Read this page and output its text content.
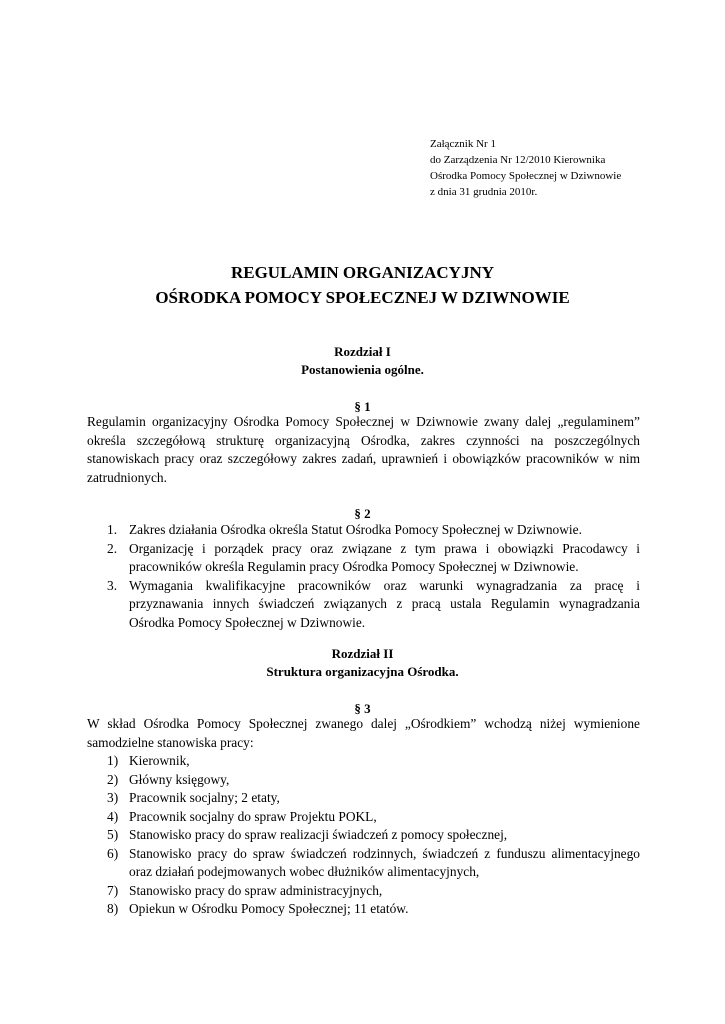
Załącznik Nr 1
do Zarządzenia Nr 12/2010 Kierownika
Ośrodka Pomocy Społecznej w Dziwnowie
z dnia 31 grudnia 2010r.
REGULAMIN ORGANIZACYJNY
OŚRODKA POMOCY SPOŁECZNEJ W DZIWNOWIE
Rozdział I
Postanowienia ogólne.
§ 1
Regulamin organizacyjny Ośrodka Pomocy Społecznej w Dziwnowie zwany dalej „regulaminem” określa szczegółową strukturę organizacyjną Ośrodka, zakres czynności na poszczególnych stanowiskach pracy oraz szczegółowy zakres zadań, uprawnień i obowiązków pracowników w nim zatrudnionych.
§ 2
1. Zakres działania Ośrodka określa Statut Ośrodka Pomocy Społecznej w Dziwnowie.
2. Organizację i porządek pracy oraz związane z tym prawa i obowiązki Pracodawcy i pracowników określa Regulamin pracy Ośrodka Pomocy Społecznej w Dziwnowie.
3. Wymagania kwalifikacyjne pracowników oraz warunki wynagradzania za pracę i przyznawania innych świadczeń związanych z pracą ustala Regulamin wynagradzania Ośrodka Pomocy Społecznej w Dziwnowie.
Rozdział II
Struktura organizacyjna Ośrodka.
§ 3
W skład Ośrodka Pomocy Społecznej zwanego dalej „Ośrodkiem” wchodzą niżej wymienione samodzielne stanowiska pracy:
1) Kierownik,
2) Główny księgowy,
3) Pracownik socjalny; 2 etaty,
4) Pracownik socjalny do spraw Projektu POKL,
5) Stanowisko pracy do spraw realizacji świadczeń z pomocy społecznej,
6) Stanowisko pracy do spraw świadczeń rodzinnych, świadczeń z funduszu alimentacyjnego oraz działań podejmowanych wobec dłużników alimentacyjnych,
7) Stanowisko pracy do spraw administracyjnych,
8) Opiekun w Ośrodku Pomocy Społecznej; 11 etatów.
